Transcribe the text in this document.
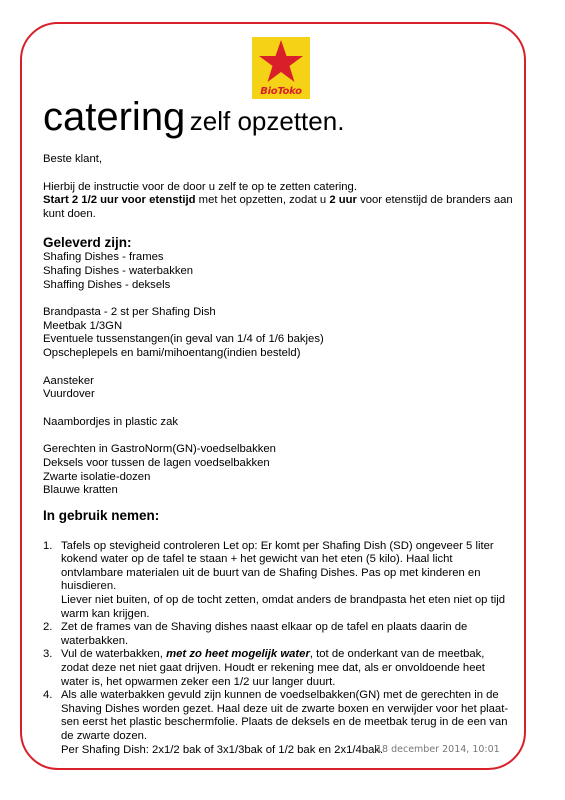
BioToko
catering zelf opzetten.

Beste klant,

Hierbij de instructie voor de door u zelf te op te zetten catering.

Start 2 1/2 uur voor etenstijd met het opzetten, zodat u 2 uur voor etenstijd de branders aan kunt doen.

Geleverd zijn:

Shafing Dishes - frames

Shafing Dishes - waterbakken

Shaffing Dishes - deksels

Brandpasta - 2 st per Shafing Dish

Meetbak 1/3GN

Eventuele tussenstangen(in geval van 1/4 of 1/6 bakjes)

Opscheplepels en bami/mihoentang(indien besteld)

Aansteker

Vuurdover

Naambordjes in plastic zak

Gerechten in GastroNorm(GN)-voedselbakken

Deksels voor tussen de lagen voedselbakken

Zwarte isolatie-dozen

Blauwe kratten

In gebruik nemen:

1. Tafels op stevigheid controleren Let op: Er komt per Shafing Dish (SD) ongeveer 5 liter kokend water op de tafel te staan + het gewicht van het eten (5 kilo). Haal licht ontvlambare materialen uit de buurt van de Shafing Dishes. Pas op met kinderen en huisdieren.
Liever niet buiten, of op de tocht zetten, omdat anders de brandpasta het eten niet op tijd warm kan krijgen.
2. Zet de frames van de Shaving dishes naast elkaar op de tafel en plaats daarin de waterbakken.
3. Vul de waterbakken, met zo heet mogelijk water, tot de onderkant van de meetbak, zodat deze net niet gaat drijven. Houdt er rekening mee dat, als er onvoldoende heet water is, het opwarmen zeker een 1/2 uur langer duurt.
4. Als alle waterbakken gevuld zijn kunnen de voedselbakken(GN) met de gerechten in de Shaving Dishes worden gezet. Haal deze uit de zwarte boxen en verwijder voor het plaatsen eerst het plastic beschermfolie. Plaats de deksels en de meetbak terug in de een van de zwarte dozen.
Per Shafing Dish: 2x1/2 bak of 3x1/3bak of 1/2 bak en 2x1/4bak.
18 december 2014, 10:01
